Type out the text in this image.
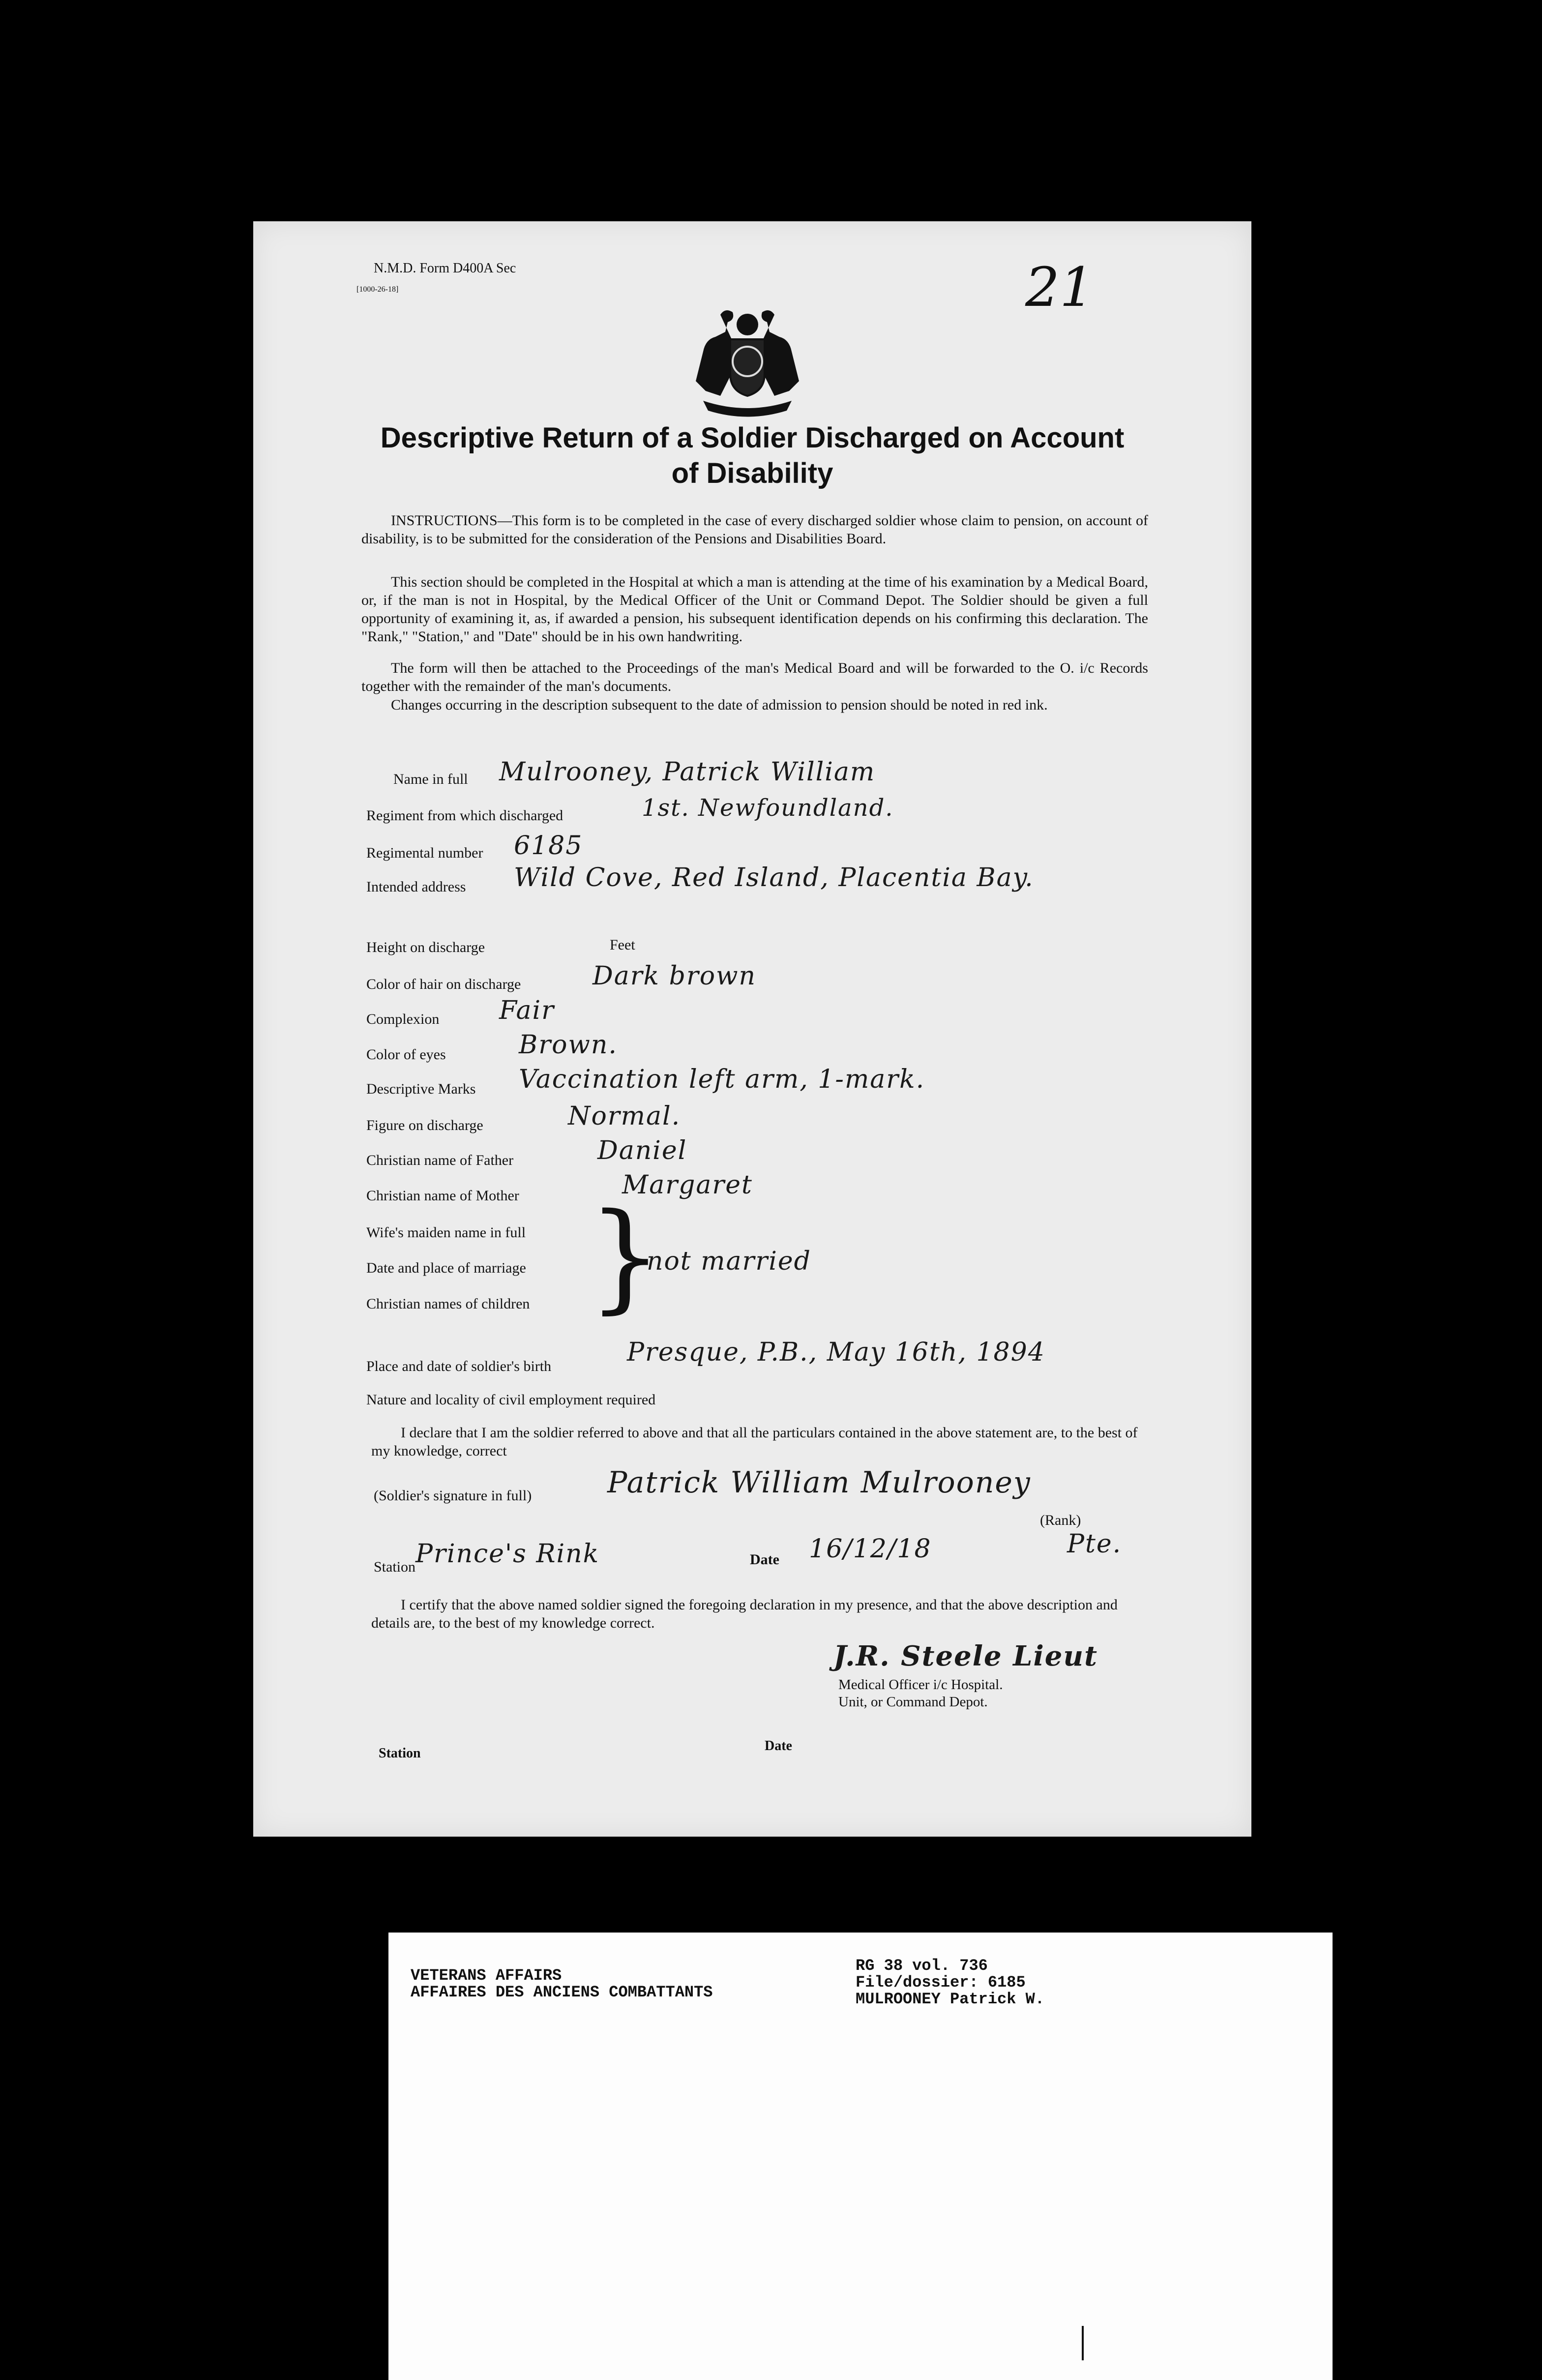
N.M.D. Form D400A Sec
[1000-26-18]	21
Descriptive Return of a Soldier Discharged on Account
of Disability
INSTRUCTIONS—This form is to be completed in the case of every discharged soldier whose claim to pension, on account of disability, is to be submitted for the consideration of the Pensions and Disabilities Board.
This section should be completed in the Hospital at which a man is attending at the time of his examination by a Medical Board, or, if the man is not in Hospital, by the Medical Officer of the Unit or Command Depot. The Soldier should be given a full opportunity of examining it, as, if awarded a pension, his subsequent identification depends on his confirming this declaration. The "Rank," "Station," and "Date" should be in his own handwriting.
The form will then be attached to the Proceedings of the man's Medical Board and will be forwarded to the O. i/c Records together with the remainder of the man's documents.
Changes occurring in the description subsequent to the date of admission to pension should be noted in red ink.
Name in full Mulrooney, Patrick William
Regiment from which discharged	1st. Newfoundland.
Regimental number 6185
Intended address Wild Cove, Red Island, Placentia Bay.
Height on discharge	Feet
Color of hair on discharge	Dark brown
Complexion Fair
Color of eyes	Brown.
Descriptive Marks Vaccination left arm, 1-mark.
Figure on discharge	Normal.
Christian name of Father	Daniel
Christian name of Mother	Margaret
Wife's maiden name in full
Date and place of marriage
Christian names of children }
not married
Place and date of soldier's birth	Presque, P.B., May 16th, 1894
Nature and locality of civil employment required
I declare that I am the soldier referred to above and that all the particulars contained in the above statement are, to the best of my knowledge, correct
(Soldier's signature in full)	Patrick William Mulrooney
(Rank)
Pte.
Station Prince's Rink	Date 16/12/18
I certify that the above named soldier signed the foregoing declaration in my presence, and that the above description and details are, to the best of my knowledge correct.
J.R. Steele Lieut
Medical Officer i/c Hospital.
Unit, or Command Depot.
Station	Date
VETERANS AFFAIRS
AFFAIRES DES ANCIENS COMBATTANTS
RG 38 vol. 736
File/dossier: 6185
MULROONEY Patrick W.
